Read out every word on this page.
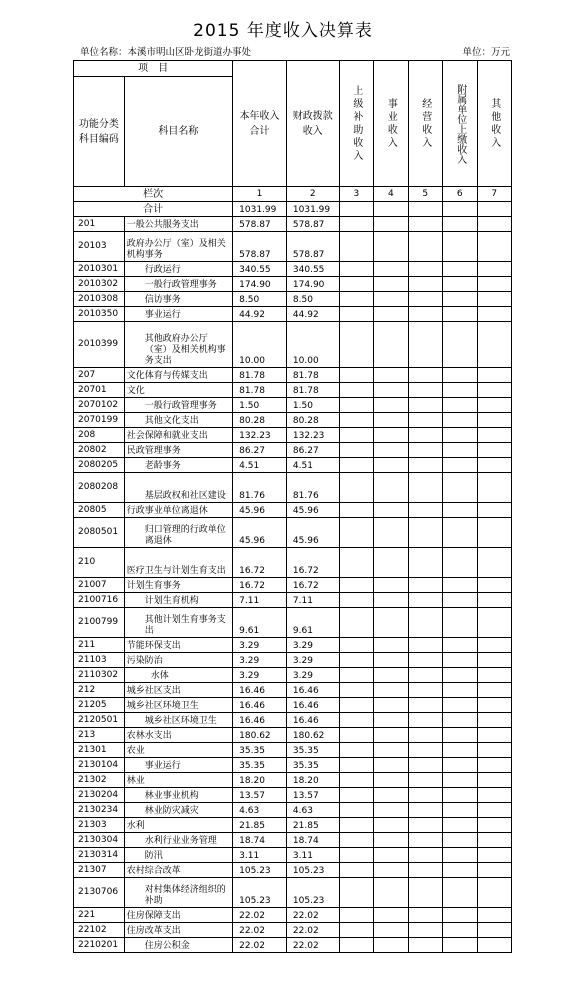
2015 年度收入决算表
单位名称：本溪市明山区卧龙街道办事处	单位：万元
项　目		本年收入合计	财政拨款收入	上级补助收入	事业收入	经营收入	附属单位上缴收入	其他收入

功能分类科目编码	科目名称							
栏次		1	2	3	4	5	6	7
合计		1031.99	1031.99					
201	一般公共服务支出	578.87	578.87					
20103	政府办公厅（室）及相关机构事务	578.87	578.87					
2010301	行政运行	340.55	340.55					
2010302	一般行政管理事务	174.90	174.90					
2010308	信访事务	8.50	8.50					
2010350	事业运行	44.92	44.92					
2010399	其他政府办公厅（室）及相关机构事务支出	10.00	10.00					
207	文化体育与传媒支出	81.78	81.78					
20701	文化	81.78	81.78					
2070102	一般行政管理事务	1.50	1.50					
2070199	其他文化支出	80.28	80.28					
208	社会保障和就业支出	132.23	132.23					
20802	民政管理事务	86.27	86.27					
2080205	老龄事务	4.51	4.51					
2080208	基层政权和社区建设	81.76	81.76					
20805	行政事业单位离退休	45.96	45.96					
2080501	归口管理的行政单位离退休	45.96	45.96					
210	医疗卫生与计划生育支出	16.72	16.72					
21007	计划生育事务	16.72	16.72					
2100716	计划生育机构	7.11	7.11					
2100799	其他计划生育事务支出	9.61	9.61					
211	节能环保支出	3.29	3.29					
21103	污染防治	3.29	3.29					
2110302	水体	3.29	3.29					
212	城乡社区支出	16.46	16.46					
21205	城乡社区环境卫生	16.46	16.46					
2120501	城乡社区环境卫生	16.46	16.46					
213	农林水支出	180.62	180.62					
21301	农业	35.35	35.35					
2130104	事业运行	35.35	35.35					
21302	林业	18.20	18.20					
2130204	林业事业机构	13.57	13.57					
2130234	林业防灾减灾	4.63	4.63					
21303	水利	21.85	21.85					
2130304	水利行业业务管理	18.74	18.74					
2130314	防汛	3.11	3.11					
21307	农村综合改革	105.23	105.23					
2130706	对村集体经济组织的补助	105.23	105.23					
221	住房保障支出	22.02	22.02					
22102	住房改革支出	22.02	22.02					
2210201	住房公积金	22.02	22.02					
